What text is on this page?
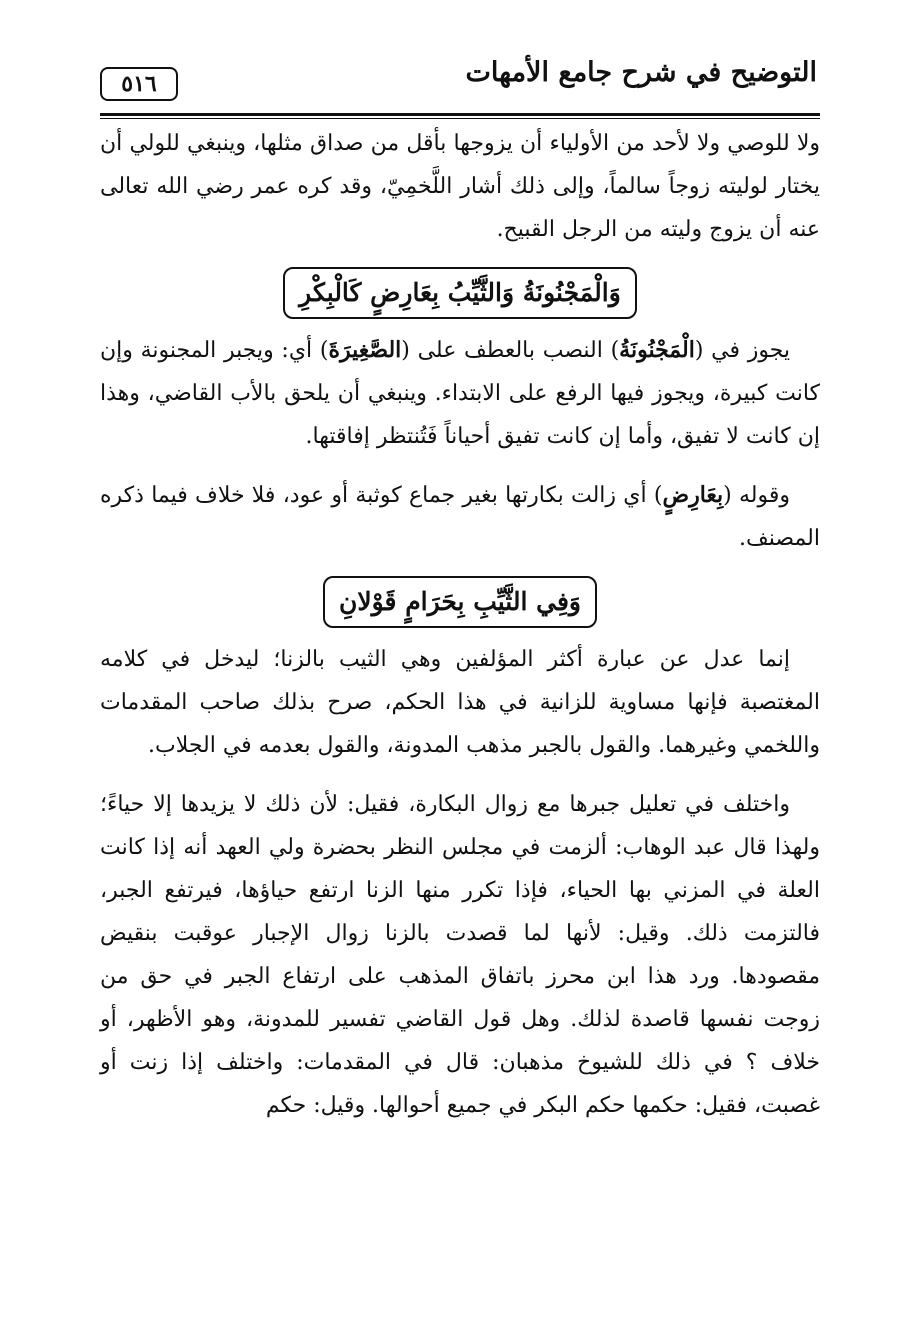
التوضيح في شرح جامع الأمهات
٥١٦

ولا للوصي ولا لأحد من الأولياء أن يزوجها بأقل من صداق مثلها، وينبغي للولي أن يختار لوليته زوجاً سالماً، وإلى ذلك أشار اللَّخمِيّ، وقد كره عمر رضي الله تعالى عنه أن يزوج وليته من الرجل القبيح.

وَالْمَجْنُونَةُ وَالثَّيِّبُ بِعَارِضٍ كَالْبِكْرِ

يجوز في (الْمَجْنُونَةُ) النصب بالعطف على (الصَّغِيرَةَ) أي: ويجبر المجنونة وإن كانت كبيرة، ويجوز فيها الرفع على الابتداء. وينبغي أن يلحق بالأب القاضي، وهذا إن كانت لا تفيق، وأما إن كانت تفيق أحياناً فَتُنتظر إفاقتها.

وقوله (بِعَارِضٍ) أي زالت بكارتها بغير جماع كوثبة أو عود، فلا خلاف فيما ذكره المصنف.

وَفِي الثَّيِّبِ بِحَرَامٍ قَوْلانِ

إنما عدل عن عبارة أكثر المؤلفين وهي الثيب بالزنا؛ ليدخل في كلامه المغتصبة فإنها مساوية للزانية في هذا الحكم، صرح بذلك صاحب المقدمات واللخمي وغيرهما. والقول بالجبر مذهب المدونة، والقول بعدمه في الجلاب.

واختلف في تعليل جبرها مع زوال البكارة، فقيل: لأن ذلك لا يزيدها إلا حياءً؛ ولهذا قال عبد الوهاب: ألزمت في مجلس النظر بحضرة ولي العهد أنه إذا كانت العلة في المزني بها الحياء، فإذا تكرر منها الزنا ارتفع حياؤها، فيرتفع الجبر، فالتزمت ذلك. وقيل: لأنها لما قصدت بالزنا زوال الإجبار عوقبت بنقيض مقصودها. ورد هذا ابن محرز باتفاق المذهب على ارتفاع الجبر في حق من زوجت نفسها قاصدة لذلك. وهل قول القاضي تفسير للمدونة، وهو الأظهر، أو خلاف ؟ في ذلك للشيوخ مذهبان: قال في المقدمات: واختلف إذا زنت أو غصبت، فقيل: حكمها حكم البكر في جميع أحوالها. وقيل: حكم
